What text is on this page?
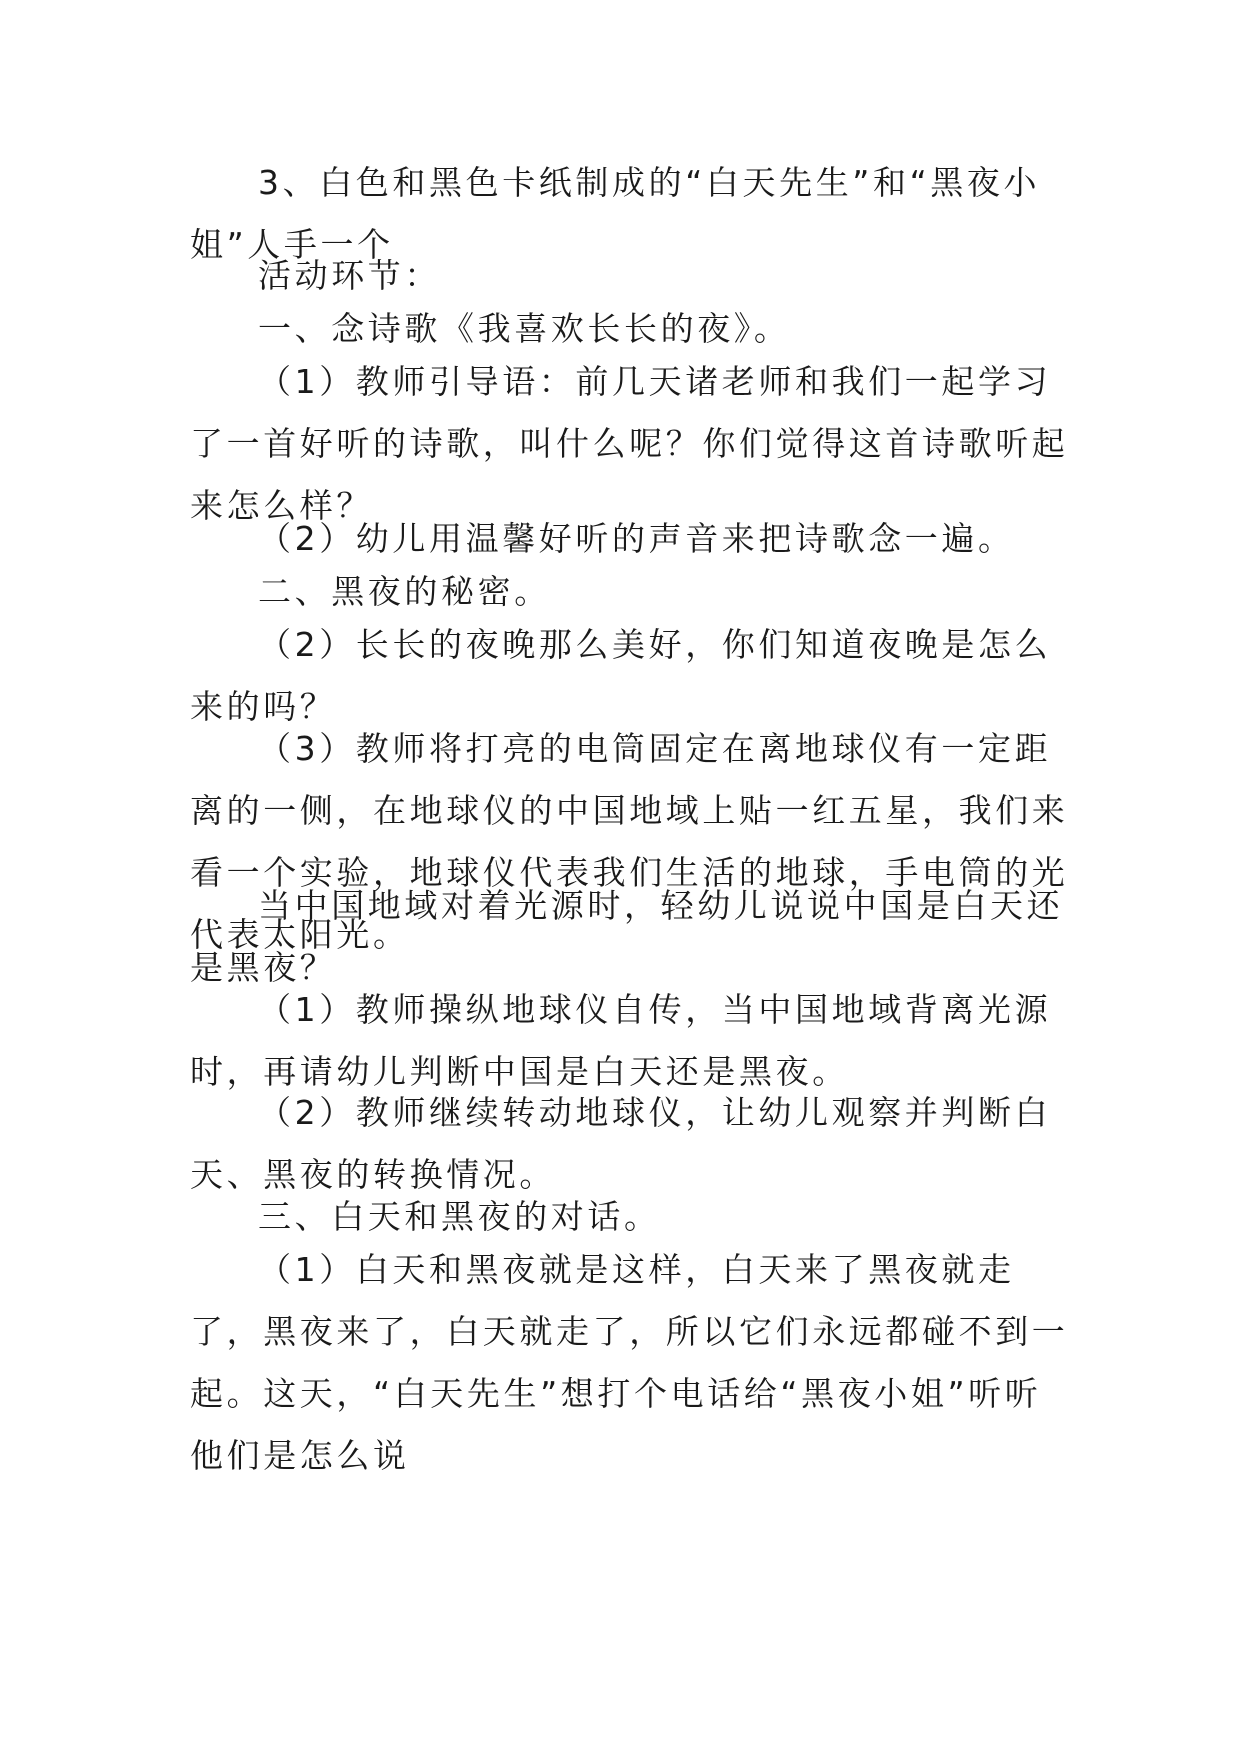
3、白色和黑色卡纸制成的“白天先生”和“黑夜小姐”人手一个

活动环节：

一、念诗歌《我喜欢长长的夜》。

（1）教师引导语：前几天诸老师和我们一起学习了一首好听的诗歌，叫什么呢？你们觉得这首诗歌听起来怎么样？

（2）幼儿用温馨好听的声音来把诗歌念一遍。

二、黑夜的秘密。

（2）长长的夜晚那么美好，你们知道夜晚是怎么来的吗？

（3）教师将打亮的电筒固定在离地球仪有一定距离的一侧，在地球仪的中国地域上贴一红五星，我们来看一个实验，地球仪代表我们生活的地球，手电筒的光代表太阳光。

当中国地域对着光源时，轻幼儿说说中国是白天还是黑夜？

（1）教师操纵地球仪自传，当中国地域背离光源时，再请幼儿判断中国是白天还是黑夜。

（2）教师继续转动地球仪，让幼儿观察并判断白天、黑夜的转换情况。

三、白天和黑夜的对话。

（1）白天和黑夜就是这样，白天来了黑夜就走了，黑夜来了，白天就走了，所以它们永远都碰不到一起。这天，“白天先生”想打个电话给“黑夜小姐”听听他们是怎么说
